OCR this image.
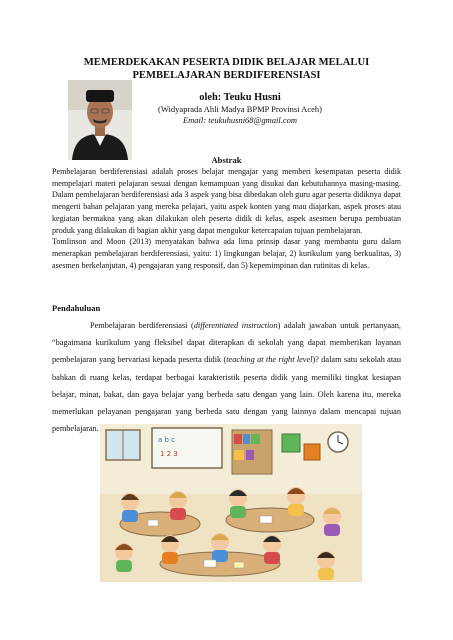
MEMERDEKAKAN PESERTA DIDIK BELAJAR MELALUI
PEMBELAJARAN BERDIFERENSIASI
oleh: Teuku Husni
(Widyaprada Ahli Madya BPMP Provinsi Aceh)
Email: teukuhusni68@gmail.com
Abstrak

Pembelajaran berdiferensiasi adalah proses belajar mengajar yang memberi kesempatan peserta didik mempelajari materi pelajaran sesuai dengan kemampuan yang disukai dan kebutuhannya masing-masing. Dalam pembelajaran berdiferensiasi ada 3 aspek yang bisa dibedakan oleh guru agar peserta didiknya dapat mengerti bahan pelajaran yang mereka pelajari, yaitu aspek konten yang mau diajarkan, aspek proses atau kegiatan bermakna yang akan dilakukan oleh peserta didik di kelas, aspek asesmen berupa pembuatan produk yang dilakukan di bagian akhir yang dapat mengukur ketercapaian tujuan pembelajaran.

Tomlinson and Moon (2013) menyatakan bahwa ada lima prinsip dasar yang membantu guru dalam menerapkan pembelajaran berdiferensiasi, yaitu: 1) lingkungan belajar, 2) kurikulum yang berkualitas, 3) asesmen berkelanjutan, 4) pengajaran yang responsif, dan 5) kepemimpinan dan rutinitas di kelas.

Pendahuluan

Pembelajaran berdiferensiasi (differentiated instruction) adalah jawaban untuk pertanyaan, “bagaimana kurikulum yang fleksibel dapat diterapkan di sekolah yang dapat memberikan layanan pembelajaran yang bervariasi kepada peserta didik (teaching at the right level)? dalam satu sekolah atau bahkan di ruang kelas, terdapat berbagai karakteristik peserta didik yang memiliki tingkat kesiapan belajar, minat, bakat, dan gaya belajar yang berbeda satu dengan yang lain. Oleh karena itu, mereka memerlukan pelayanan pengajaran yang berbeda satu dengan yang lainnya dalam mencapai tujuan pembelajaran.

a b c
1 2 3
